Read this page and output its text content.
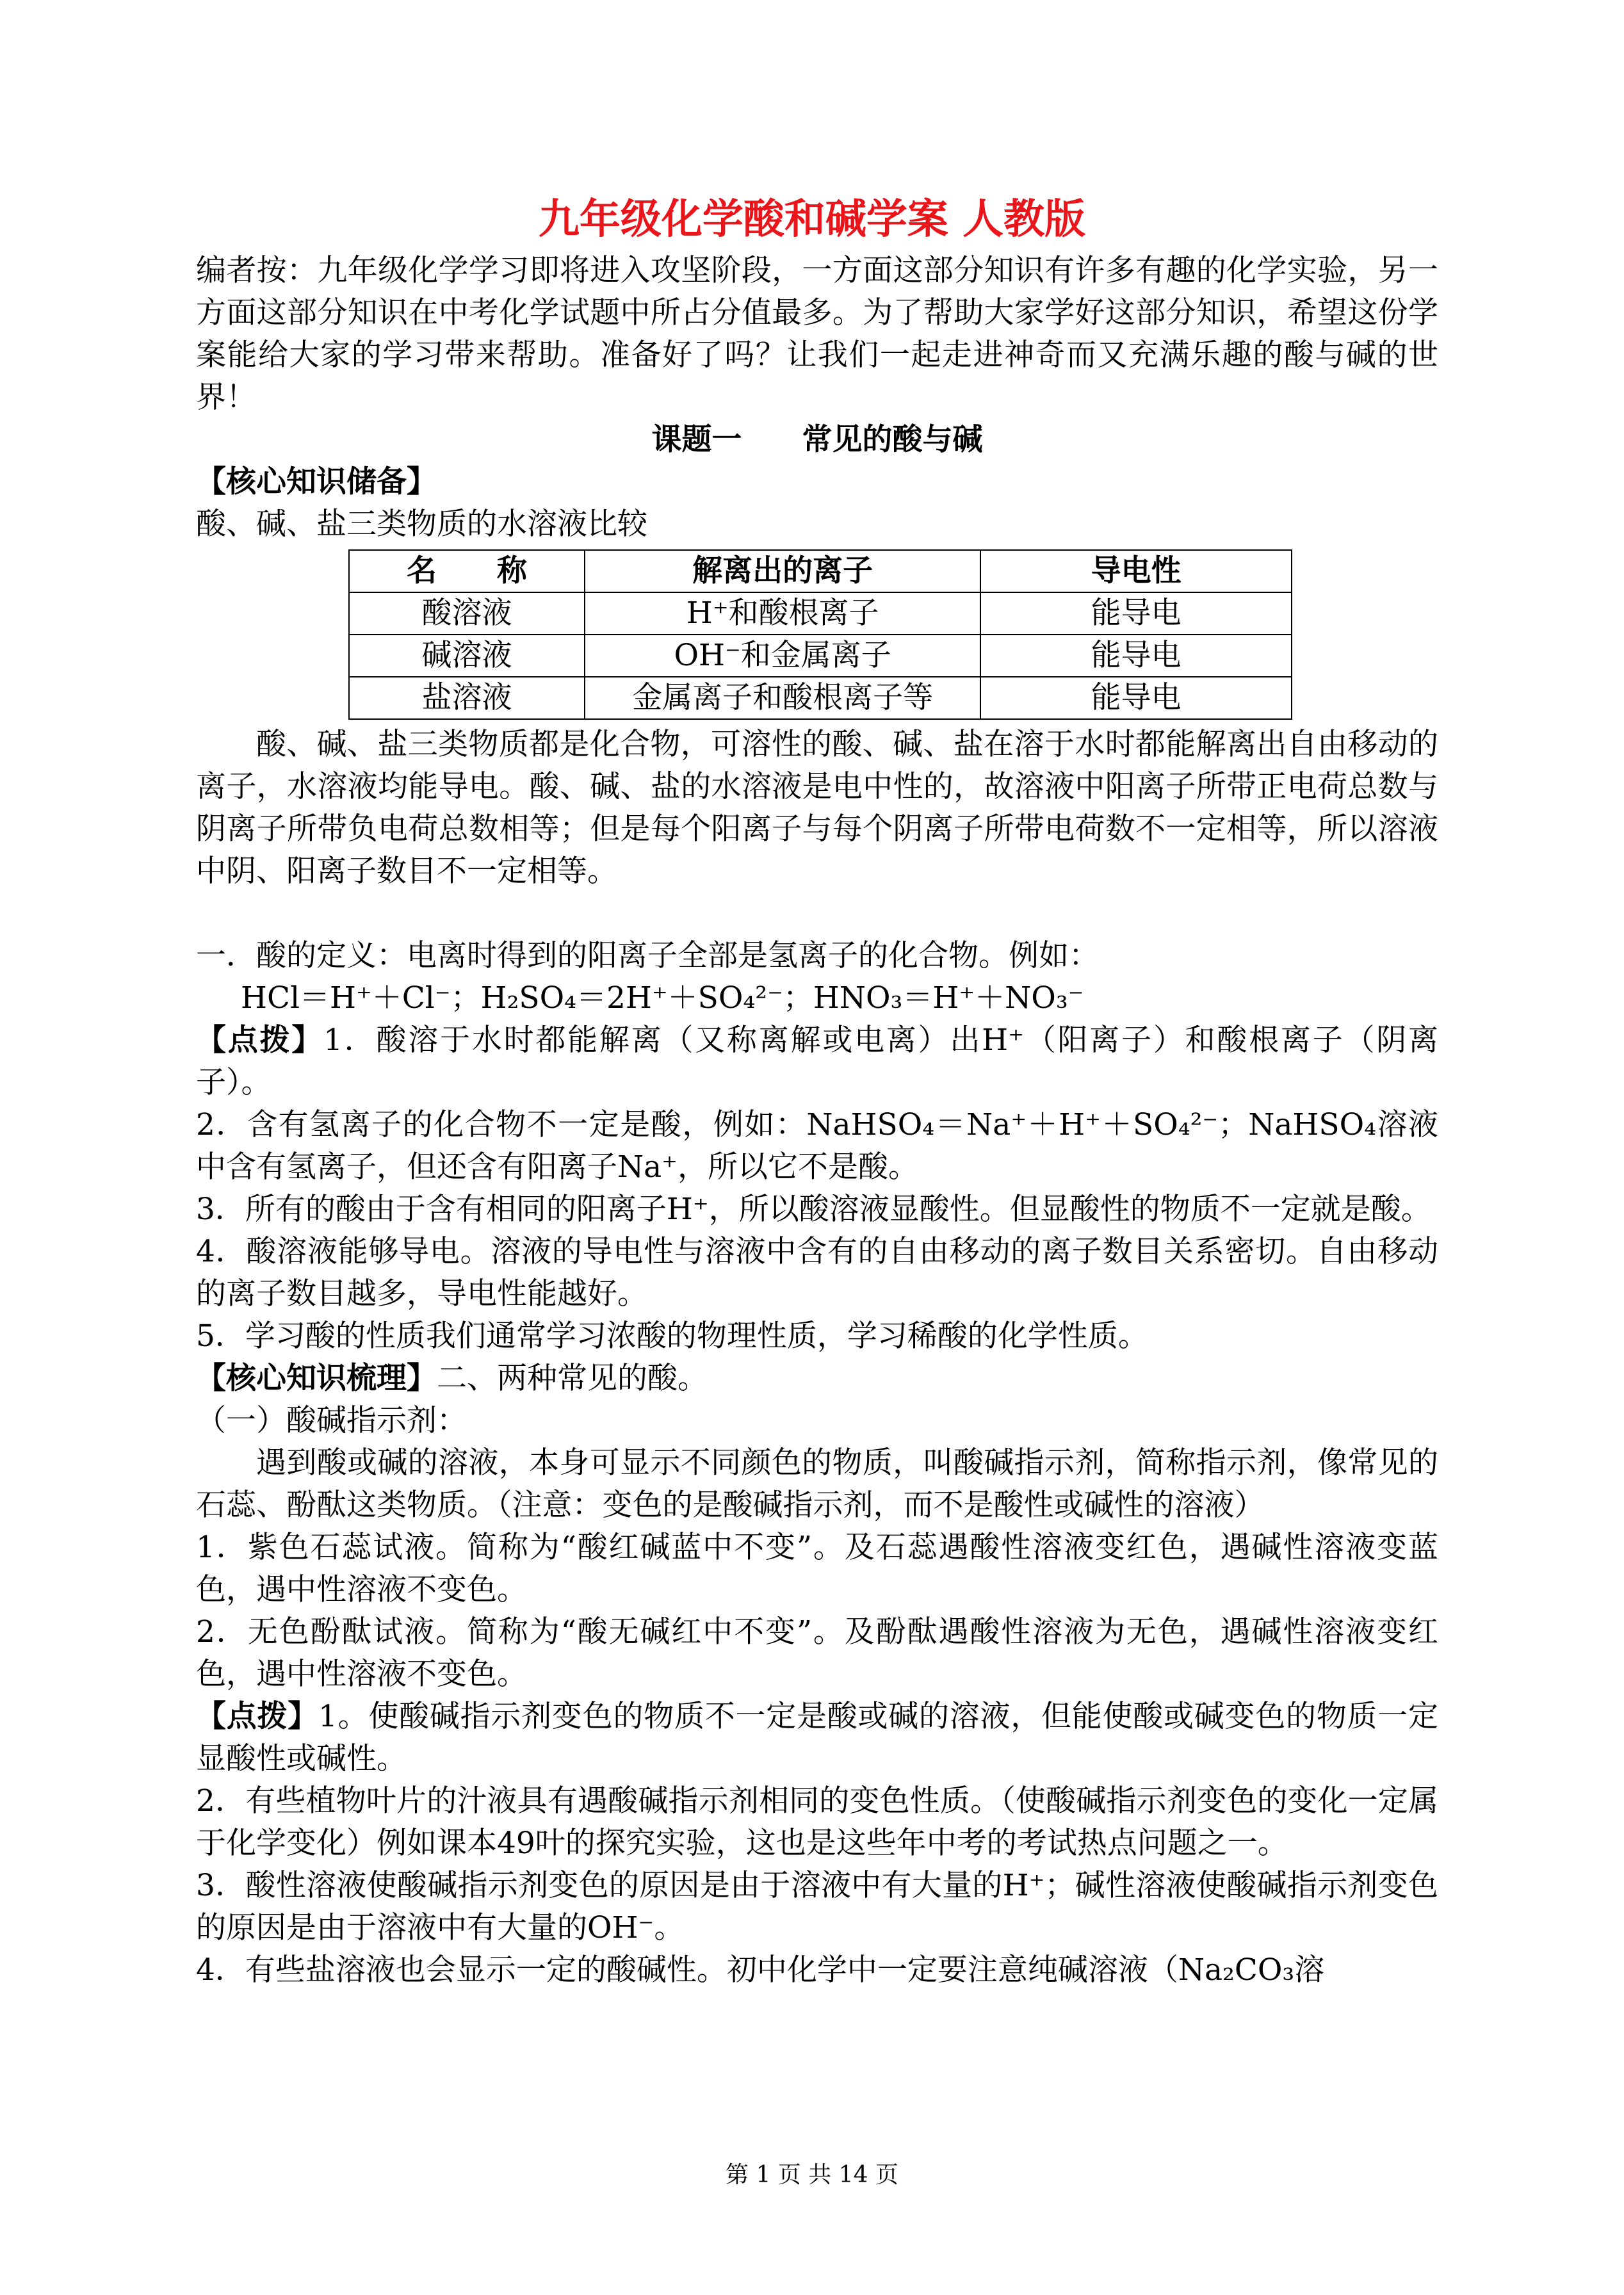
九年级化学酸和碱学案 人教版

编者按：九年级化学学习即将进入攻坚阶段，一方面这部分知识有许多有趣的化学实验，另一方面这部分知识在中考化学试题中所占分值最多。为了帮助大家学好这部分知识，希望这份学案能给大家的学习带来帮助。准备好了吗？让我们一起走进神奇而又充满乐趣的酸与碱的世界！

课题一　　常见的酸与碱

【核心知识储备】

酸、碱、盐三类物质的水溶液比较

名　　称	解离出的离子	导电性
酸溶液	H⁺和酸根离子	能导电
碱溶液	OH⁻和金属离子	能导电
盐溶液	金属离子和酸根离子等	能导电

酸、碱、盐三类物质都是化合物，可溶性的酸、碱、盐在溶于水时都能解离出自由移动的离子，水溶液均能导电。酸、碱、盐的水溶液是电中性的，故溶液中阳离子所带正电荷总数与阴离子所带负电荷总数相等；但是每个阳离子与每个阴离子所带电荷数不一定相等，所以溶液中阴、阳离子数目不一定相等。

一．酸的定义：电离时得到的阳离子全部是氢离子的化合物。例如：

HCl＝H⁺＋Cl⁻；H₂SO₄＝2H⁺＋SO₄²⁻；HNO₃＝H⁺＋NO₃⁻

【点拨】1．酸溶于水时都能解离（又称离解或电离）出H⁺（阳离子）和酸根离子（阴离子）。

2．含有氢离子的化合物不一定是酸，例如：NaHSO₄＝Na⁺＋H⁺＋SO₄²⁻；NaHSO₄溶液中含有氢离子，但还含有阳离子Na⁺，所以它不是酸。

3．所有的酸由于含有相同的阳离子H⁺，所以酸溶液显酸性。但显酸性的物质不一定就是酸。

4．酸溶液能够导电。溶液的导电性与溶液中含有的自由移动的离子数目关系密切。自由移动的离子数目越多，导电性能越好。

5．学习酸的性质我们通常学习浓酸的物理性质，学习稀酸的化学性质。

【核心知识梳理】二、两种常见的酸。

（一）酸碱指示剂：

遇到酸或碱的溶液，本身可显示不同颜色的物质，叫酸碱指示剂，简称指示剂，像常见的石蕊、酚酞这类物质。（注意：变色的是酸碱指示剂，而不是酸性或碱性的溶液）

1．紫色石蕊试液。简称为“酸红碱蓝中不变”。及石蕊遇酸性溶液变红色，遇碱性溶液变蓝色，遇中性溶液不变色。

2．无色酚酞试液。简称为“酸无碱红中不变”。及酚酞遇酸性溶液为无色，遇碱性溶液变红色，遇中性溶液不变色。

【点拨】1。使酸碱指示剂变色的物质不一定是酸或碱的溶液，但能使酸或碱变色的物质一定显酸性或碱性。

2．有些植物叶片的汁液具有遇酸碱指示剂相同的变色性质。（使酸碱指示剂变色的变化一定属于化学变化）例如课本49叶的探究实验，这也是这些年中考的考试热点问题之一。

3．酸性溶液使酸碱指示剂变色的原因是由于溶液中有大量的H⁺；碱性溶液使酸碱指示剂变色的原因是由于溶液中有大量的OH⁻。

4．有些盐溶液也会显示一定的酸碱性。初中化学中一定要注意纯碱溶液（Na₂CO₃溶

第 1 页 共 14 页
